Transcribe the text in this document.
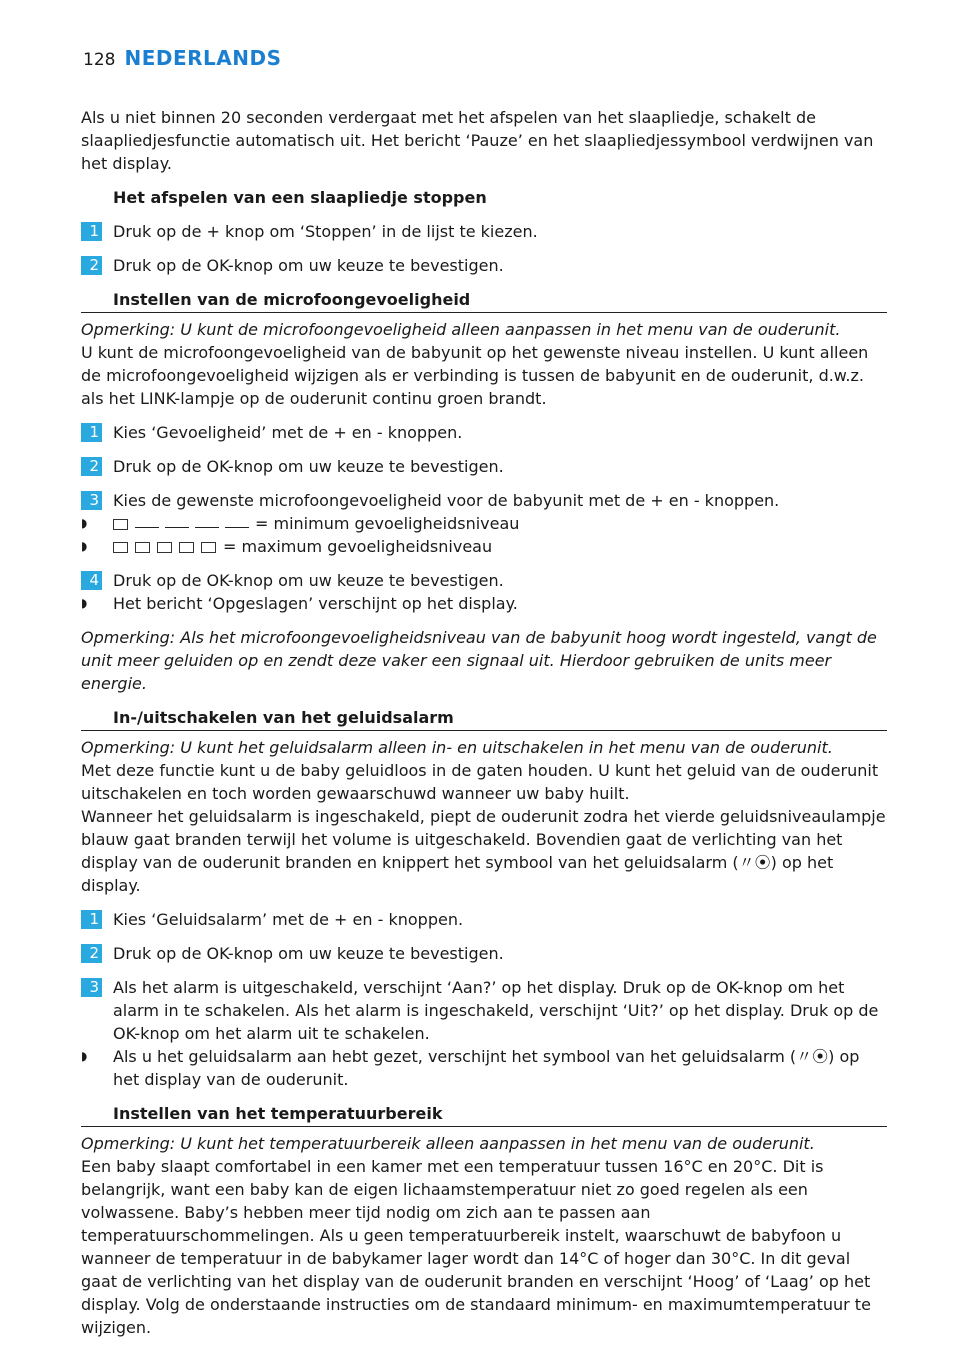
128 NEDERLANDS

Als u niet binnen 20 seconden verdergaat met het afspelen van het slaapliedje, schakelt de slaapliedjesfunctie automatisch uit. Het bericht ‘Pauze’ en het slaapliedjessymbool verdwijnen van het display.

Het afspelen van een slaapliedje stoppen
1 Druk op de + knop om ‘Stoppen’ in de lijst te kiezen.
2 Druk op de OK-knop om uw keuze te bevestigen.
Instellen van de microfoongevoeligheid

Opmerking: U kunt de microfoongevoeligheid alleen aanpassen in het menu van de ouderunit.

U kunt de microfoongevoeligheid van de babyunit op het gewenste niveau instellen. U kunt alleen de microfoongevoeligheid wijzigen als er verbinding is tussen de babyunit en de ouderunit, d.w.z. als het LINK-lampje op de ouderunit continu groen brandt.

1 Kies ‘Gevoeligheid’ met de + en - knoppen.
2 Druk op de OK-knop om uw keuze te bevestigen.
3 Kies de gewenste microfoongevoeligheid voor de babyunit met de + en - knoppen.
◗	= minimum gevoeligheidsniveau
◗	= maximum gevoeligheidsniveau
4 Druk op de OK-knop om uw keuze te bevestigen.
◗	Het bericht ‘Opgeslagen’ verschijnt op het display.

Opmerking: Als het microfoongevoeligheidsniveau van de babyunit hoog wordt ingesteld, vangt de unit meer geluiden op en zendt deze vaker een signaal uit. Hierdoor gebruiken de units meer energie.

In-/uitschakelen van het geluidsalarm

Opmerking: U kunt het geluidsalarm alleen in- en uitschakelen in het menu van de ouderunit.

Met deze functie kunt u de baby geluidloos in de gaten houden. U kunt het geluid van de ouderunit uitschakelen en toch worden gewaarschuwd wanneer uw baby huilt.

Wanneer het geluidsalarm is ingeschakeld, piept de ouderunit zodra het vierde geluidsniveaulampje blauw gaat branden terwijl het volume is uitgeschakeld. Bovendien gaat de verlichting van het display van de ouderunit branden en knippert het symbool van het geluidsalarm (〃⦿) op het display.

1 Kies ‘Geluidsalarm’ met de + en - knoppen.
2 Druk op de OK-knop om uw keuze te bevestigen.
3 Als het alarm is uitgeschakeld, verschijnt ‘Aan?’ op het display. Druk op de OK-knop om het alarm in te schakelen. Als het alarm is ingeschakeld, verschijnt ‘Uit?’ op het display. Druk op de OK-knop om het alarm uit te schakelen.
◗	Als u het geluidsalarm aan hebt gezet, verschijnt het symbool van het geluidsalarm (〃⦿) op het display van de ouderunit.
Instellen van het temperatuurbereik

Opmerking: U kunt het temperatuurbereik alleen aanpassen in het menu van de ouderunit.

Een baby slaapt comfortabel in een kamer met een temperatuur tussen 16°C en 20°C. Dit is belangrijk, want een baby kan de eigen lichaamstemperatuur niet zo goed regelen als een volwassene. Baby’s hebben meer tijd nodig om zich aan te passen aan temperatuurschommelingen. Als u geen temperatuurbereik instelt, waarschuwt de babyfoon u wanneer de temperatuur in de babykamer lager wordt dan 14°C of hoger dan 30°C. In dit geval gaat de verlichting van het display van de ouderunit branden en verschijnt ‘Hoog’ of ‘Laag’ op het display. Volg de onderstaande instructies om de standaard minimum- en maximumtemperatuur te wijzigen.
